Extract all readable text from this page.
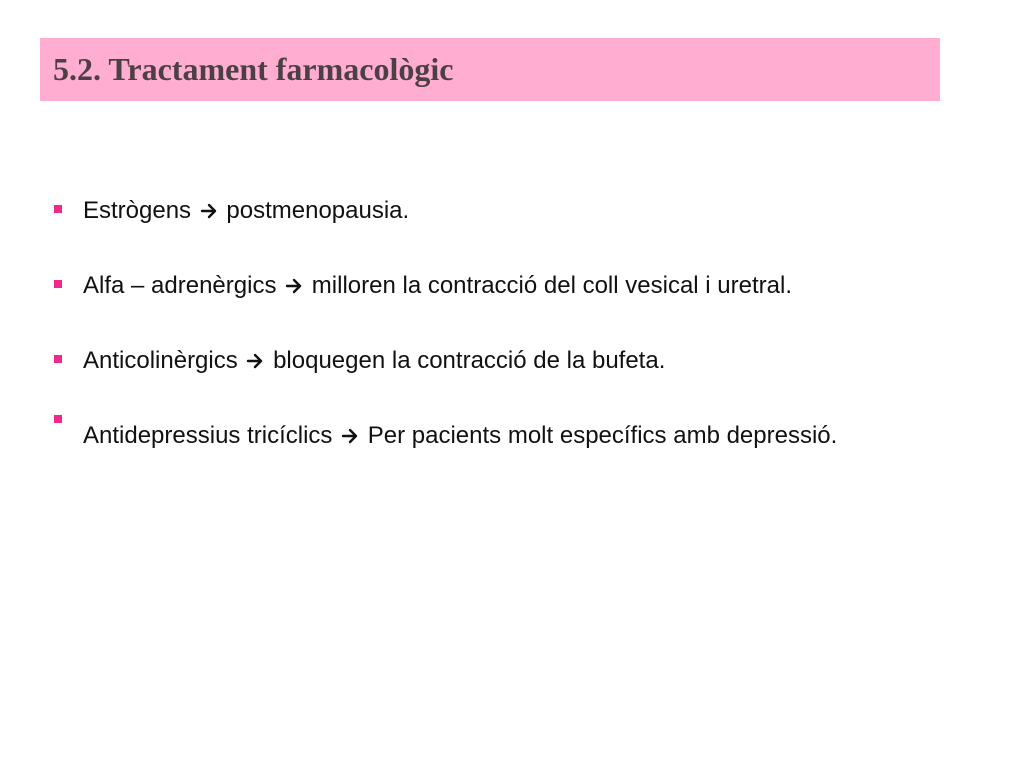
5.2. Tractament farmacològic
Estrògens postmenopausia.
Alfa – adrenèrgics milloren la contracció del coll vesical i uretral.
Anticolinèrgics bloquegen la contracció de la bufeta.
Antidepressius tricíclics Per pacients molt específics amb depressió.
